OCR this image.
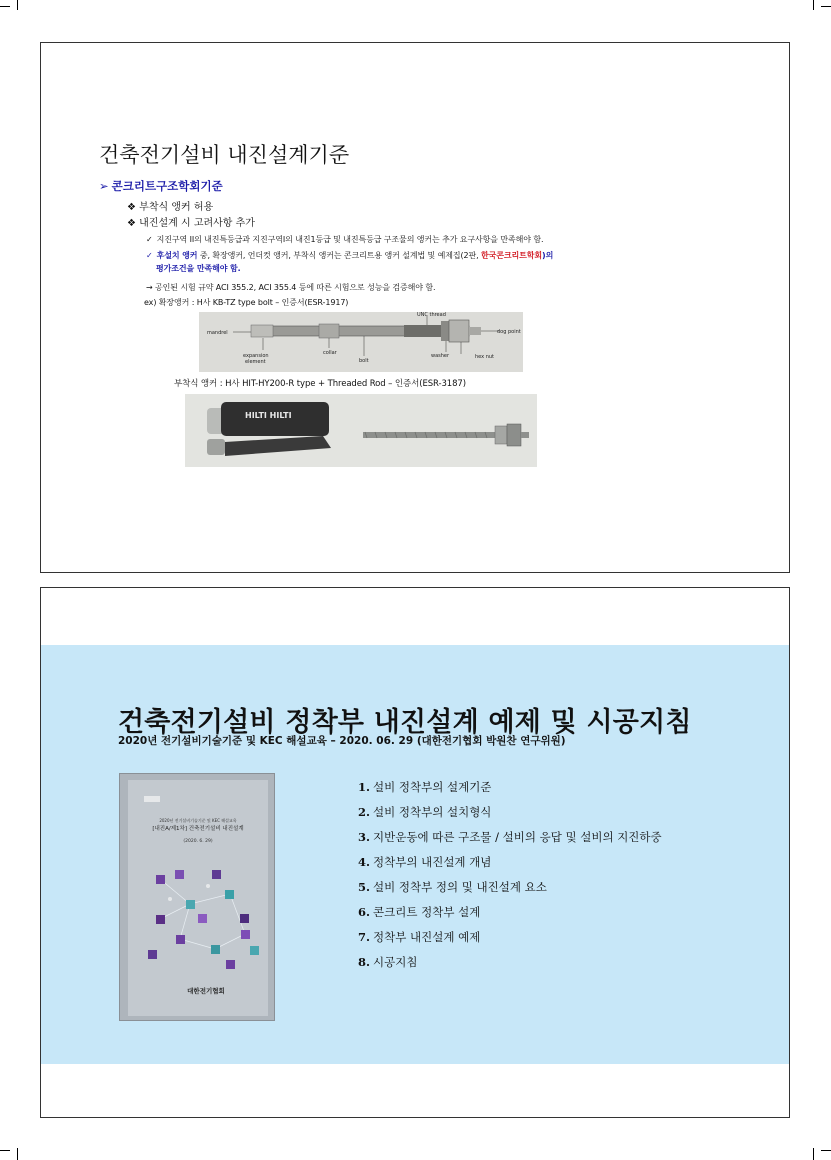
건축전기설비 내진설계기준
➢ 콘크리트구조학회기준
❖ 부착식 앵커 허용
❖ 내진설계 시 고려사항 추가
✓ 지진구역 II의 내진특등급과 지진구역I의 내진1등급 및 내진특등급 구조물의 앵커는 추가 요구사항을 만족해야 함.
✓ 후설치 앵커 중, 확장앵커, 언더컷 앵커, 부착식 앵커는 콘크리트용 앵커 설계법 및 예제집(2판, 한국콘크리트학회)의
평가조건을 만족해야 함.
→ 공인된 시험 규약 ACI 355.2, ACI 355.4 등에 따른 시험으로 성능을 검증해야 함.
ex) 확장앵커 : H사 KB-TZ type bolt – 인증서(ESR-1917)
UNC thread
mandrel	dog point
expansion
element
collar
bolt
washer	hex nut
부착식 앵커 : H사 HIT-HY200-R type + Threaded Rod – 인증서(ESR-3187)
HILTI HILTI
건축전기설비 정착부 내진설계 예제 및 시공지침
2020년 전기설비기술기준 및 KEC 해설교육 – 2020. 06. 29 (대한전기협회 박원찬 연구위원)
2020년 전기설비기술기준 및 KEC 해설교육
[내진A/제1차] 건축전기설비 내진설계
(2020. 6. 29)
대한전기협회
1. 설비 정착부의 설계기준
2. 설비 정착부의 설치형식
3. 지반운동에 따른 구조물 / 설비의 응답 및 설비의 지진하중
4. 정착부의 내진설계 개념
5. 설비 정착부 정의 및 내진설계 요소
6. 콘크리트 정착부 설계
7. 정착부 내진설계 예제
8. 시공지침
